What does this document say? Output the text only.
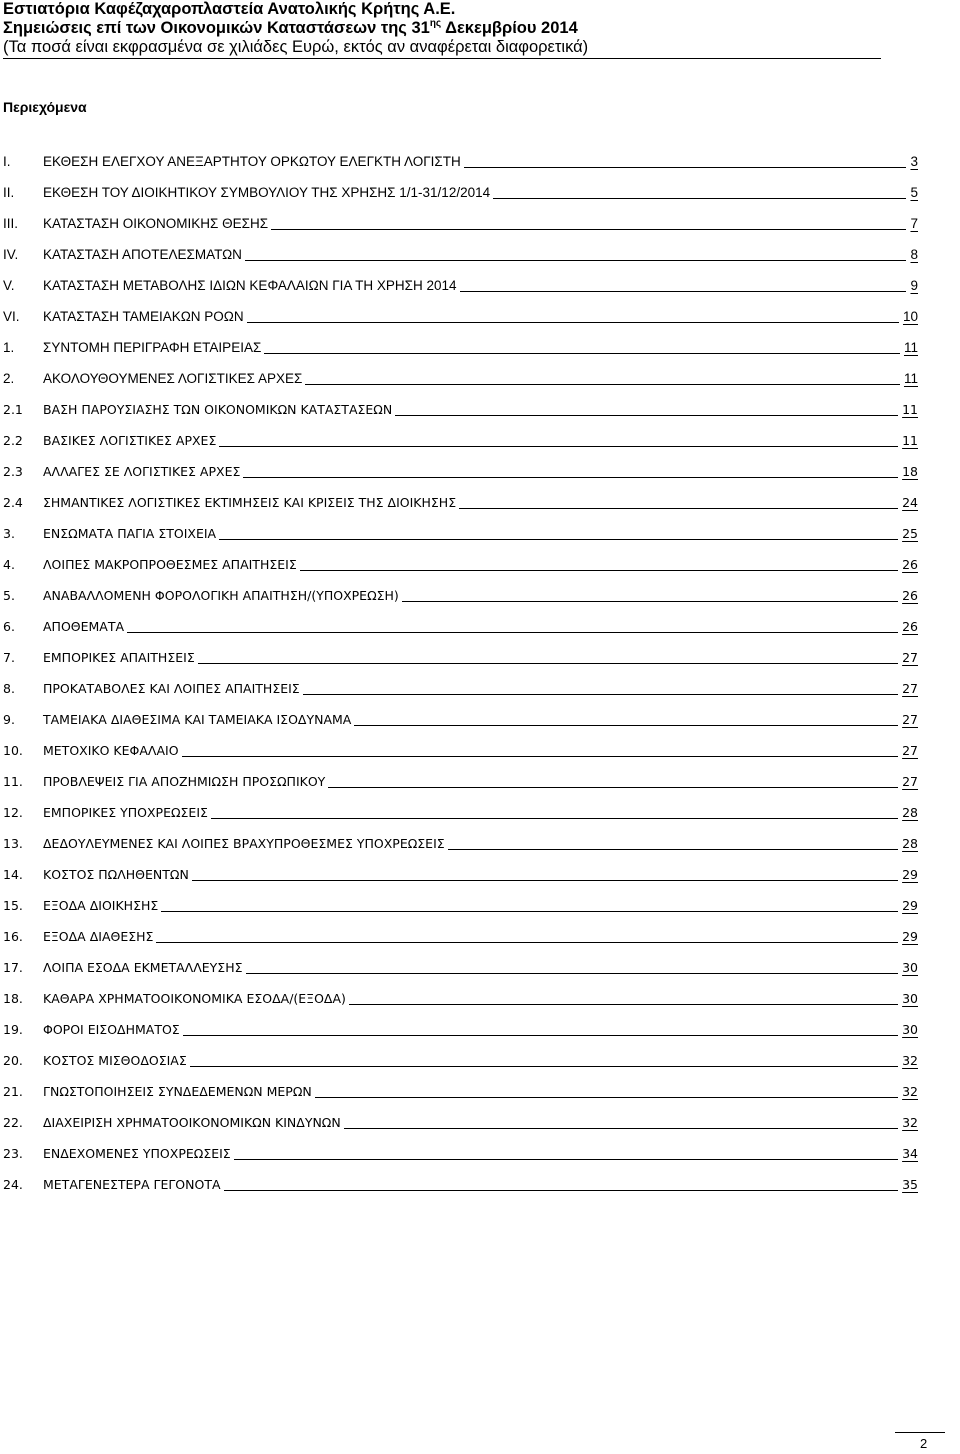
Εστιατόρια Καφέζαχαροπλαστεία Ανατολικής Κρήτης Α.Ε.
Σημειώσεις επί των Οικονομικών Καταστάσεων της $31^{\eta\varsigma}$ Δεκεμβρίου 2014
(Τα ποσά είναι εκφρασμένα σε χιλιάδες Ευρώ, εκτός αν αναφέρεται διαφορετικά)
Περιεχόμενα
I.	ΕΚΘΕΣΗ ΕΛΕΓΧΟΥ ΑΝΕΞΑΡΤΗΤΟΥ ΟΡΚΩΤΟΥ ΕΛΕΓΚΤΗ ΛΟΓΙΣΤΗ	3
II.	ΕΚΘΕΣΗ ΤΟΥ ΔΙΟΙΚΗΤΙΚΟΥ ΣΥΜΒΟΥΛΙΟΥ ΤΗΣ ΧΡΗΣΗΣ 1/1-31/12/2014	5
III.	ΚΑΤΑΣΤΑΣΗ ΟΙΚΟΝΟΜΙΚΗΣ ΘΕΣΗΣ	7
IV.	ΚΑΤΑΣΤΑΣΗ ΑΠΟΤΕΛΕΣΜΑΤΩΝ	8
V.	ΚΑΤΑΣΤΑΣΗ ΜΕΤΑΒΟΛΗΣ ΙΔΙΩΝ ΚΕΦΑΛΑΙΩΝ ΓΙΑ ΤΗ ΧΡΗΣΗ 2014	9
VI.	ΚΑΤΑΣΤΑΣΗ ΤΑΜΕΙΑΚΩΝ ΡΟΩΝ	10
1.	ΣΥΝΤΟΜΗ ΠΕΡΙΓΡΑΦΗ ΕΤΑΙΡΕΙΑΣ	11
2.	ΑΚΟΛΟΥΘΟΥΜΕΝΕΣ ΛΟΓΙΣΤΙΚΕΣ ΑΡΧΕΣ	11
2.1	ΒΑΣΗ ΠΑΡΟΥΣΙΑΣΗΣ ΤΩΝ ΟΙΚΟΝΟΜΙΚΩΝ ΚΑΤΑΣΤΑΣΕΩΝ	11
2.2	ΒΑΣΙΚΕΣ ΛΟΓΙΣΤΙΚΕΣ ΑΡΧΕΣ	11
2.3	ΑΛΛΑΓΕΣ ΣΕ ΛΟΓΙΣΤΙΚΕΣ ΑΡΧΕΣ	18
2.4	ΣΗΜΑΝΤΙΚΕΣ ΛΟΓΙΣΤΙΚΕΣ ΕΚΤΙΜΗΣΕΙΣ ΚΑΙ ΚΡΙΣΕΙΣ ΤΗΣ ΔΙΟΙΚΗΣΗΣ	24
3.	ΕΝΣΩΜΑΤΑ ΠΑΓΙΑ ΣΤΟΙΧΕΙΑ	25
4.	ΛΟΙΠΕΣ ΜΑΚΡΟΠΡΟΘΕΣΜΕΣ ΑΠΑΙΤΗΣΕΙΣ	26
5.	ΑΝΑΒΑΛΛΟΜΕΝΗ ΦΟΡΟΛΟΓΙΚΗ ΑΠΑΙΤΗΣΗ/(ΥΠΟΧΡΕΩΣΗ)	26
6.	ΑΠΟΘΕΜΑΤΑ	26
7.	ΕΜΠΟΡΙΚΕΣ ΑΠΑΙΤΗΣΕΙΣ	27
8.	ΠΡΟΚΑΤΑΒΟΛΕΣ ΚΑΙ ΛΟΙΠΕΣ ΑΠΑΙΤΗΣΕΙΣ	27
9.	ΤΑΜΕΙΑΚΑ ΔΙΑΘΕΣΙΜΑ ΚΑΙ ΤΑΜΕΙΑΚΑ ΙΣΟΔΥΝΑΜΑ	27
10.	ΜΕΤΟΧΙΚΟ ΚΕΦΑΛΑΙΟ	27
11.	ΠΡΟΒΛΕΨΕΙΣ ΓΙΑ ΑΠΟΖΗΜΙΩΣΗ ΠΡΟΣΩΠΙΚΟΥ	27
12.	ΕΜΠΟΡΙΚΕΣ ΥΠΟΧΡΕΩΣΕΙΣ	28
13.	ΔΕΔΟΥΛΕΥΜΕΝΕΣ ΚΑΙ ΛΟΙΠΕΣ ΒΡΑΧΥΠΡΟΘΕΣΜΕΣ ΥΠΟΧΡΕΩΣΕΙΣ	28
14.	ΚΟΣΤΟΣ ΠΩΛΗΘΕΝΤΩΝ	29
15.	ΕΞΟΔΑ ΔΙΟΙΚΗΣΗΣ	29
16.	ΕΞΟΔΑ ΔΙΑΘΕΣΗΣ	29
17.	ΛΟΙΠΑ ΕΣΟΔΑ ΕΚΜΕΤΑΛΛΕΥΣΗΣ	30
18.	ΚΑΘΑΡΑ ΧΡΗΜΑΤΟΟΙΚΟΝΟΜΙΚΑ ΕΣΟΔΑ/(ΕΞΟΔΑ)	30
19.	ΦΟΡΟΙ ΕΙΣΟΔΗΜΑΤΟΣ	30
20.	ΚΟΣΤΟΣ ΜΙΣΘΟΔΟΣΙΑΣ	32
21.	ΓΝΩΣΤΟΠΟΙΗΣΕΙΣ ΣΥΝΔΕΔΕΜΕΝΩΝ ΜΕΡΩΝ	32
22.	ΔΙΑΧΕΙΡΙΣΗ ΧΡΗΜΑΤΟΟΙΚΟΝΟΜΙΚΩΝ ΚΙΝΔΥΝΩΝ	32
23.	ΕΝΔΕΧΟΜΕΝΕΣ ΥΠΟΧΡΕΩΣΕΙΣ	34
24.	ΜΕΤΑΓΕΝΕΣΤΕΡΑ ΓΕΓΟΝΟΤΑ	35
2
